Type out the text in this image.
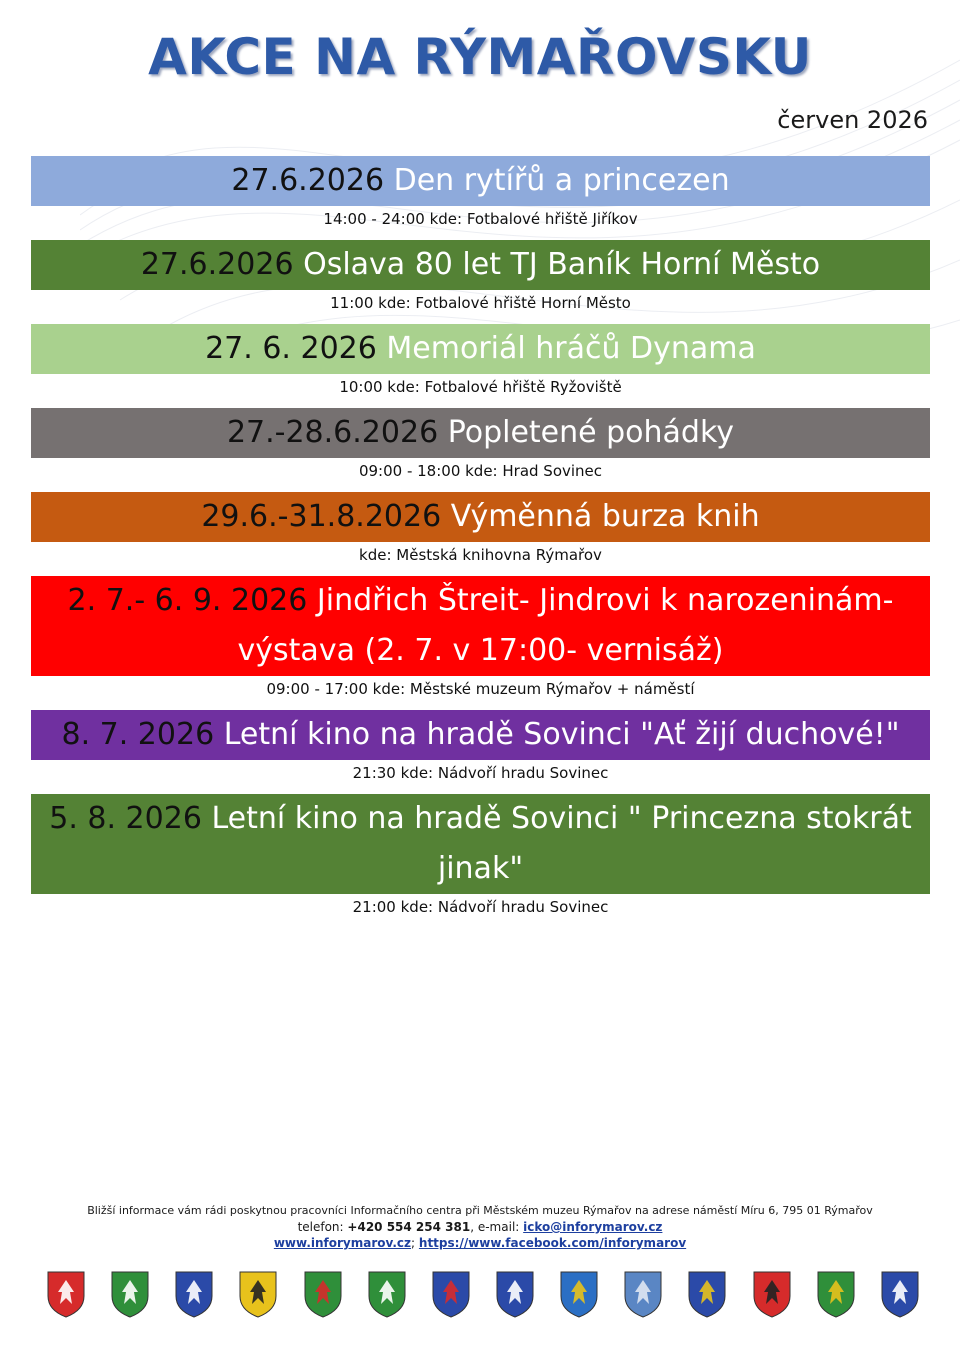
AKCE NA RÝMAŘOVSKU
červen 2026
27.6.2026 Den rytířů a princezen
14:00 - 24:00 kde: Fotbalové hřiště Jiříkov
27.6.2026 Oslava 80 let TJ Baník Horní Město
11:00 kde: Fotbalové hřiště Horní Město
27. 6. 2026 Memoriál hráčů Dynama
10:00 kde: Fotbalové hřiště Ryžoviště
27.-28.6.2026 Popletené pohádky
09:00 - 18:00 kde: Hrad Sovinec
29.6.-31.8.2026 Výměnná burza knih
kde: Městská knihovna Rýmařov
2. 7.- 6. 9. 2026 Jindřich Štreit- Jindrovi k narozeninám- výstava (2. 7. v 17:00- vernisáž)
09:00 - 17:00 kde: Městské muzeum Rýmařov + náměstí
8. 7. 2026 Letní kino na hradě Sovinci "Ať žijí duchové!"
21:30 kde: Nádvoří hradu Sovinec
5. 8. 2026 Letní kino na hradě Sovinci " Princezna stokrát jinak"
21:00 kde: Nádvoří hradu Sovinec
Bližší informace vám rádi poskytnou pracovníci Informačního centra při Městském muzeu Rýmařov na adrese náměstí Míru 6, 795 01 Rýmařov
telefon: +420 554 254 381, e-mail: icko@inforymarov.cz
www.inforymarov.cz; https://www.facebook.com/inforymarov
